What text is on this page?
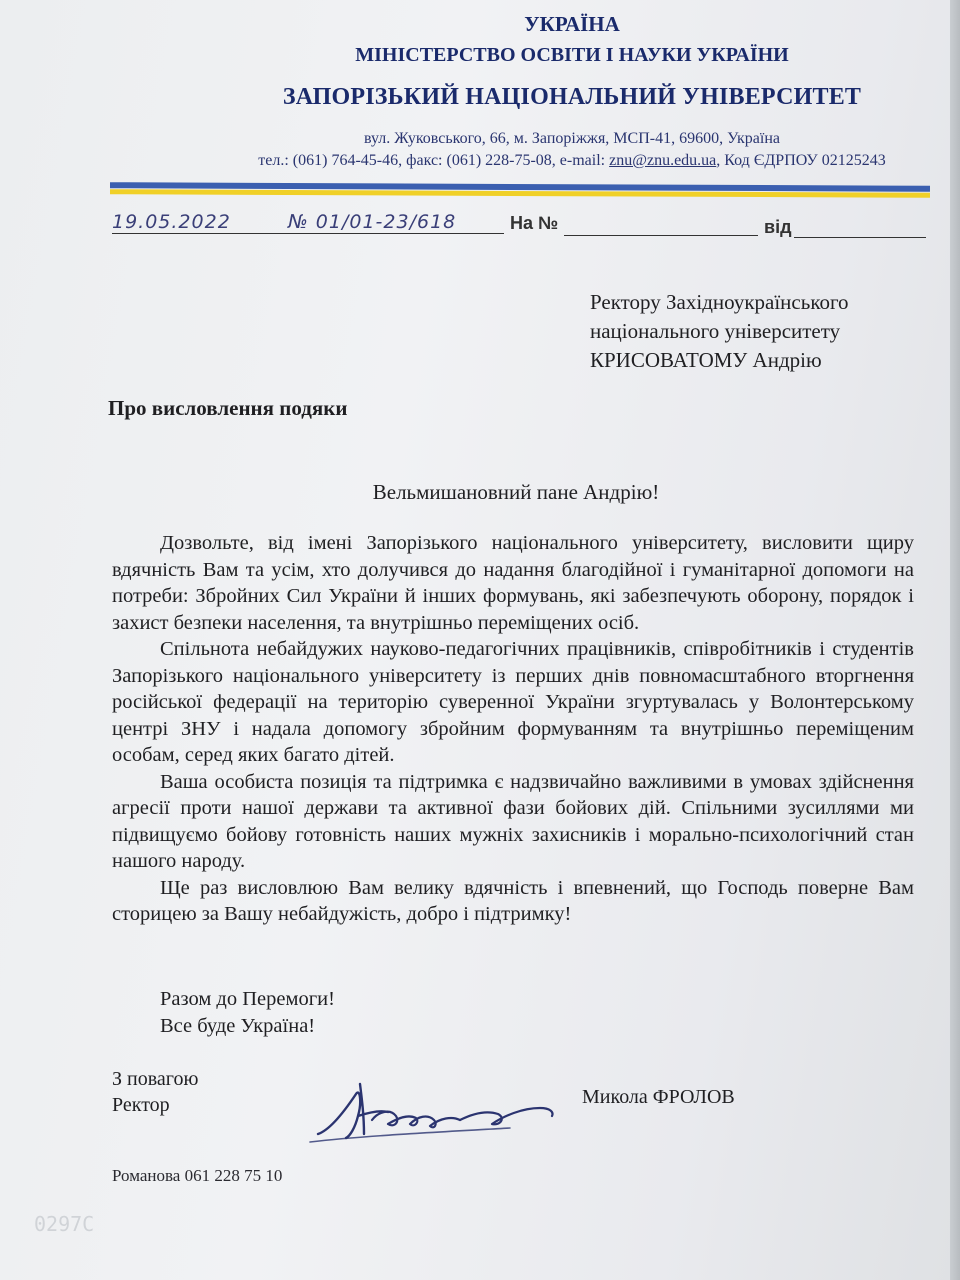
УКРАЇНА
МІНІСТЕРСТВО ОСВІТИ І НАУКИ УКРАЇНИ
ЗАПОРІЗЬКИЙ НАЦІОНАЛЬНИЙ УНІВЕРСИТЕТ
вул. Жуковського, 66, м. Запоріжжя, МСП-41, 69600, Україна
тел.: (061) 764-45-46, факс: (061) 228-75-08, e-mail: znu@znu.edu.ua, Код ЄДРПОУ 02125243
19.05.2022	№ 01/01-23/618	На №	від
Ректору Західноукраїнського
національного університету
КРИСОВАТОМУ Андрію
Про висловлення подяки
Вельмишановний пане Андрію!

Дозвольте, від імені Запорізького національного університету, висловити щиру вдячність Вам та усім, хто долучився до надання благодійної і гуманітарної допомоги на потреби: Збройних Сил України й інших формувань, які забезпечують оборону, порядок і захист безпеки населення, та внутрішньо переміщених осіб.

Спільнота небайдужих науково-педагогічних працівників, співробітників і студентів Запорізького національного університету із перших днів повномасштабного вторгнення російської федерації на територію суверенної України згуртувалась у Волонтерському центрі ЗНУ і надала допомогу збройним формуванням та внутрішньо переміщеним особам, серед яких багато дітей.

Ваша особиста позиція та підтримка є надзвичайно важливими в умовах здійснення агресії проти нашої держави та активної фази бойових дій. Спільними зусиллями ми підвищуємо бойову готовність наших мужніх захисників і морально-психологічний стан нашого народу.

Ще раз висловлюю Вам велику вдячність і впевнений, що Господь поверне Вам сторицею за Вашу небайдужість, добро і підтримку!

Разом до Перемоги!
Все буде Україна!
З повагою
Ректор	Микола ФРОЛОВ
Романова 061 228 75 10
0297С
